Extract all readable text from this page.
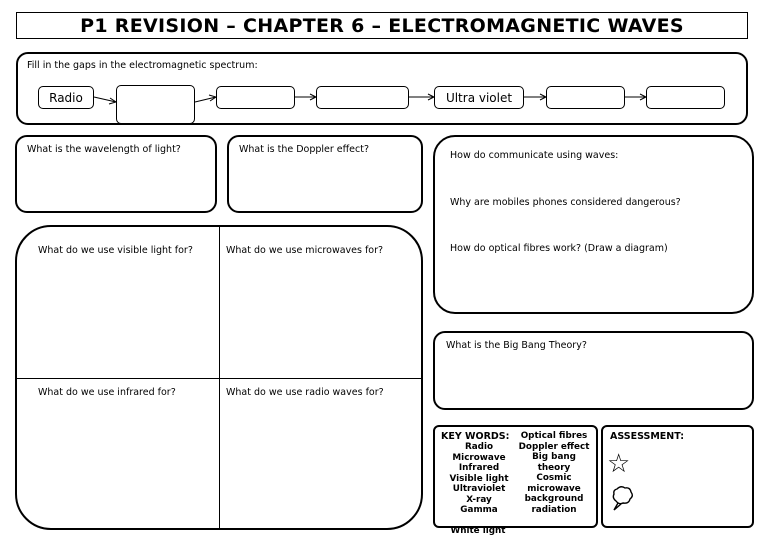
P1 REVISION – CHAPTER 6 – ELECTROMAGNETIC WAVES
Fill in the gaps in the electromagnetic spectrum:
Radio	Ultra violet
What is the wavelength of light?	What is the Doppler effect?
How do communicate using waves:
Why are mobiles phones considered dangerous?
How do optical fibres work? (Draw a diagram)
What do we use visible light for?	What do we use microwaves for?
What do we use infrared for?	What do we use radio waves for?
What is the Big Bang Theory?
KEY WORDS:
Radio
Microwave
Infrared
Visible light
Ultraviolet
X-ray
Gamma
Optical fibres
Doppler effect
Big bang
theory
Cosmic
microwave
background
radiation
White light
ASSESSMENT:
☆
